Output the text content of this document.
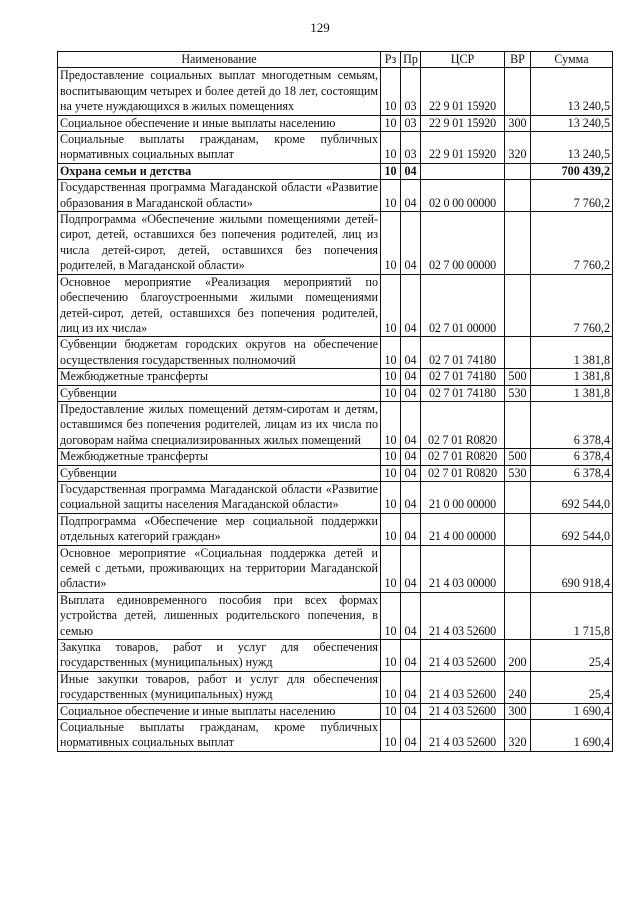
129
Наименование	Рз	Пр	ЦСР	ВР	Сумма
Предоставление социальных выплат многодетным семьям, воспитывающим четырех и более детей до 18 лет, состоящим на учете нуждающихся в жилых помещениях	10	03	22 9 01 15920		13 240,5
Социальное обеспечение и иные выплаты населению	10	03	22 9 01 15920	300	13 240,5
Социальные выплаты гражданам, кроме публичных нормативных социальных выплат	10	03	22 9 01 15920	320	13 240,5
Охрана семьи и детства	10	04			700 439,2
Государственная программа Магаданской области «Развитие образования в Магаданской области»	10	04	02 0 00 00000		7 760,2
Подпрограмма «Обеспечение жилыми помещениями детей-сирот, детей, оставшихся без попечения родителей, лиц из числа детей-сирот, детей, оставшихся без попечения родителей, в Магаданской области»	10	04	02 7 00 00000		7 760,2
Основное мероприятие «Реализация мероприятий по обеспечению благоустроенными жилыми помещениями детей-сирот, детей, оставшихся без попечения родителей, лиц из их числа»	10	04	02 7 01 00000		7 760,2
Субвенции бюджетам городских округов на обеспечение осуществления государственных полномочий	10	04	02 7 01 74180		1 381,8
Межбюджетные трансферты	10	04	02 7 01 74180	500	1 381,8
Субвенции	10	04	02 7 01 74180	530	1 381,8
Предоставление жилых помещений детям-сиротам и детям, оставшимся без попечения родителей, лицам из их числа по договорам найма специализированных жилых помещений	10	04	02 7 01 R0820		6 378,4
Межбюджетные трансферты	10	04	02 7 01 R0820	500	6 378,4
Субвенции	10	04	02 7 01 R0820	530	6 378,4
Государственная программа Магаданской области «Развитие социальной защиты населения Магаданской области»	10	04	21 0 00 00000		692 544,0
Подпрограмма «Обеспечение мер социальной поддержки отдельных категорий граждан»	10	04	21 4 00 00000		692 544,0
Основное мероприятие «Социальная поддержка детей и семей с детьми, проживающих на территории Магаданской области»	10	04	21 4 03 00000		690 918,4
Выплата единовременного пособия при всех формах устройства детей, лишенных родительского попечения, в семью	10	04	21 4 03 52600		1 715,8
Закупка товаров, работ и услуг для обеспечения государственных (муниципальных) нужд	10	04	21 4 03 52600	200	25,4
Иные закупки товаров, работ и услуг для обеспечения государственных (муниципальных) нужд	10	04	21 4 03 52600	240	25,4
Социальное обеспечение и иные выплаты населению	10	04	21 4 03 52600	300	1 690,4
Социальные выплаты гражданам, кроме публичных нормативных социальных выплат	10	04	21 4 03 52600	320	1 690,4
